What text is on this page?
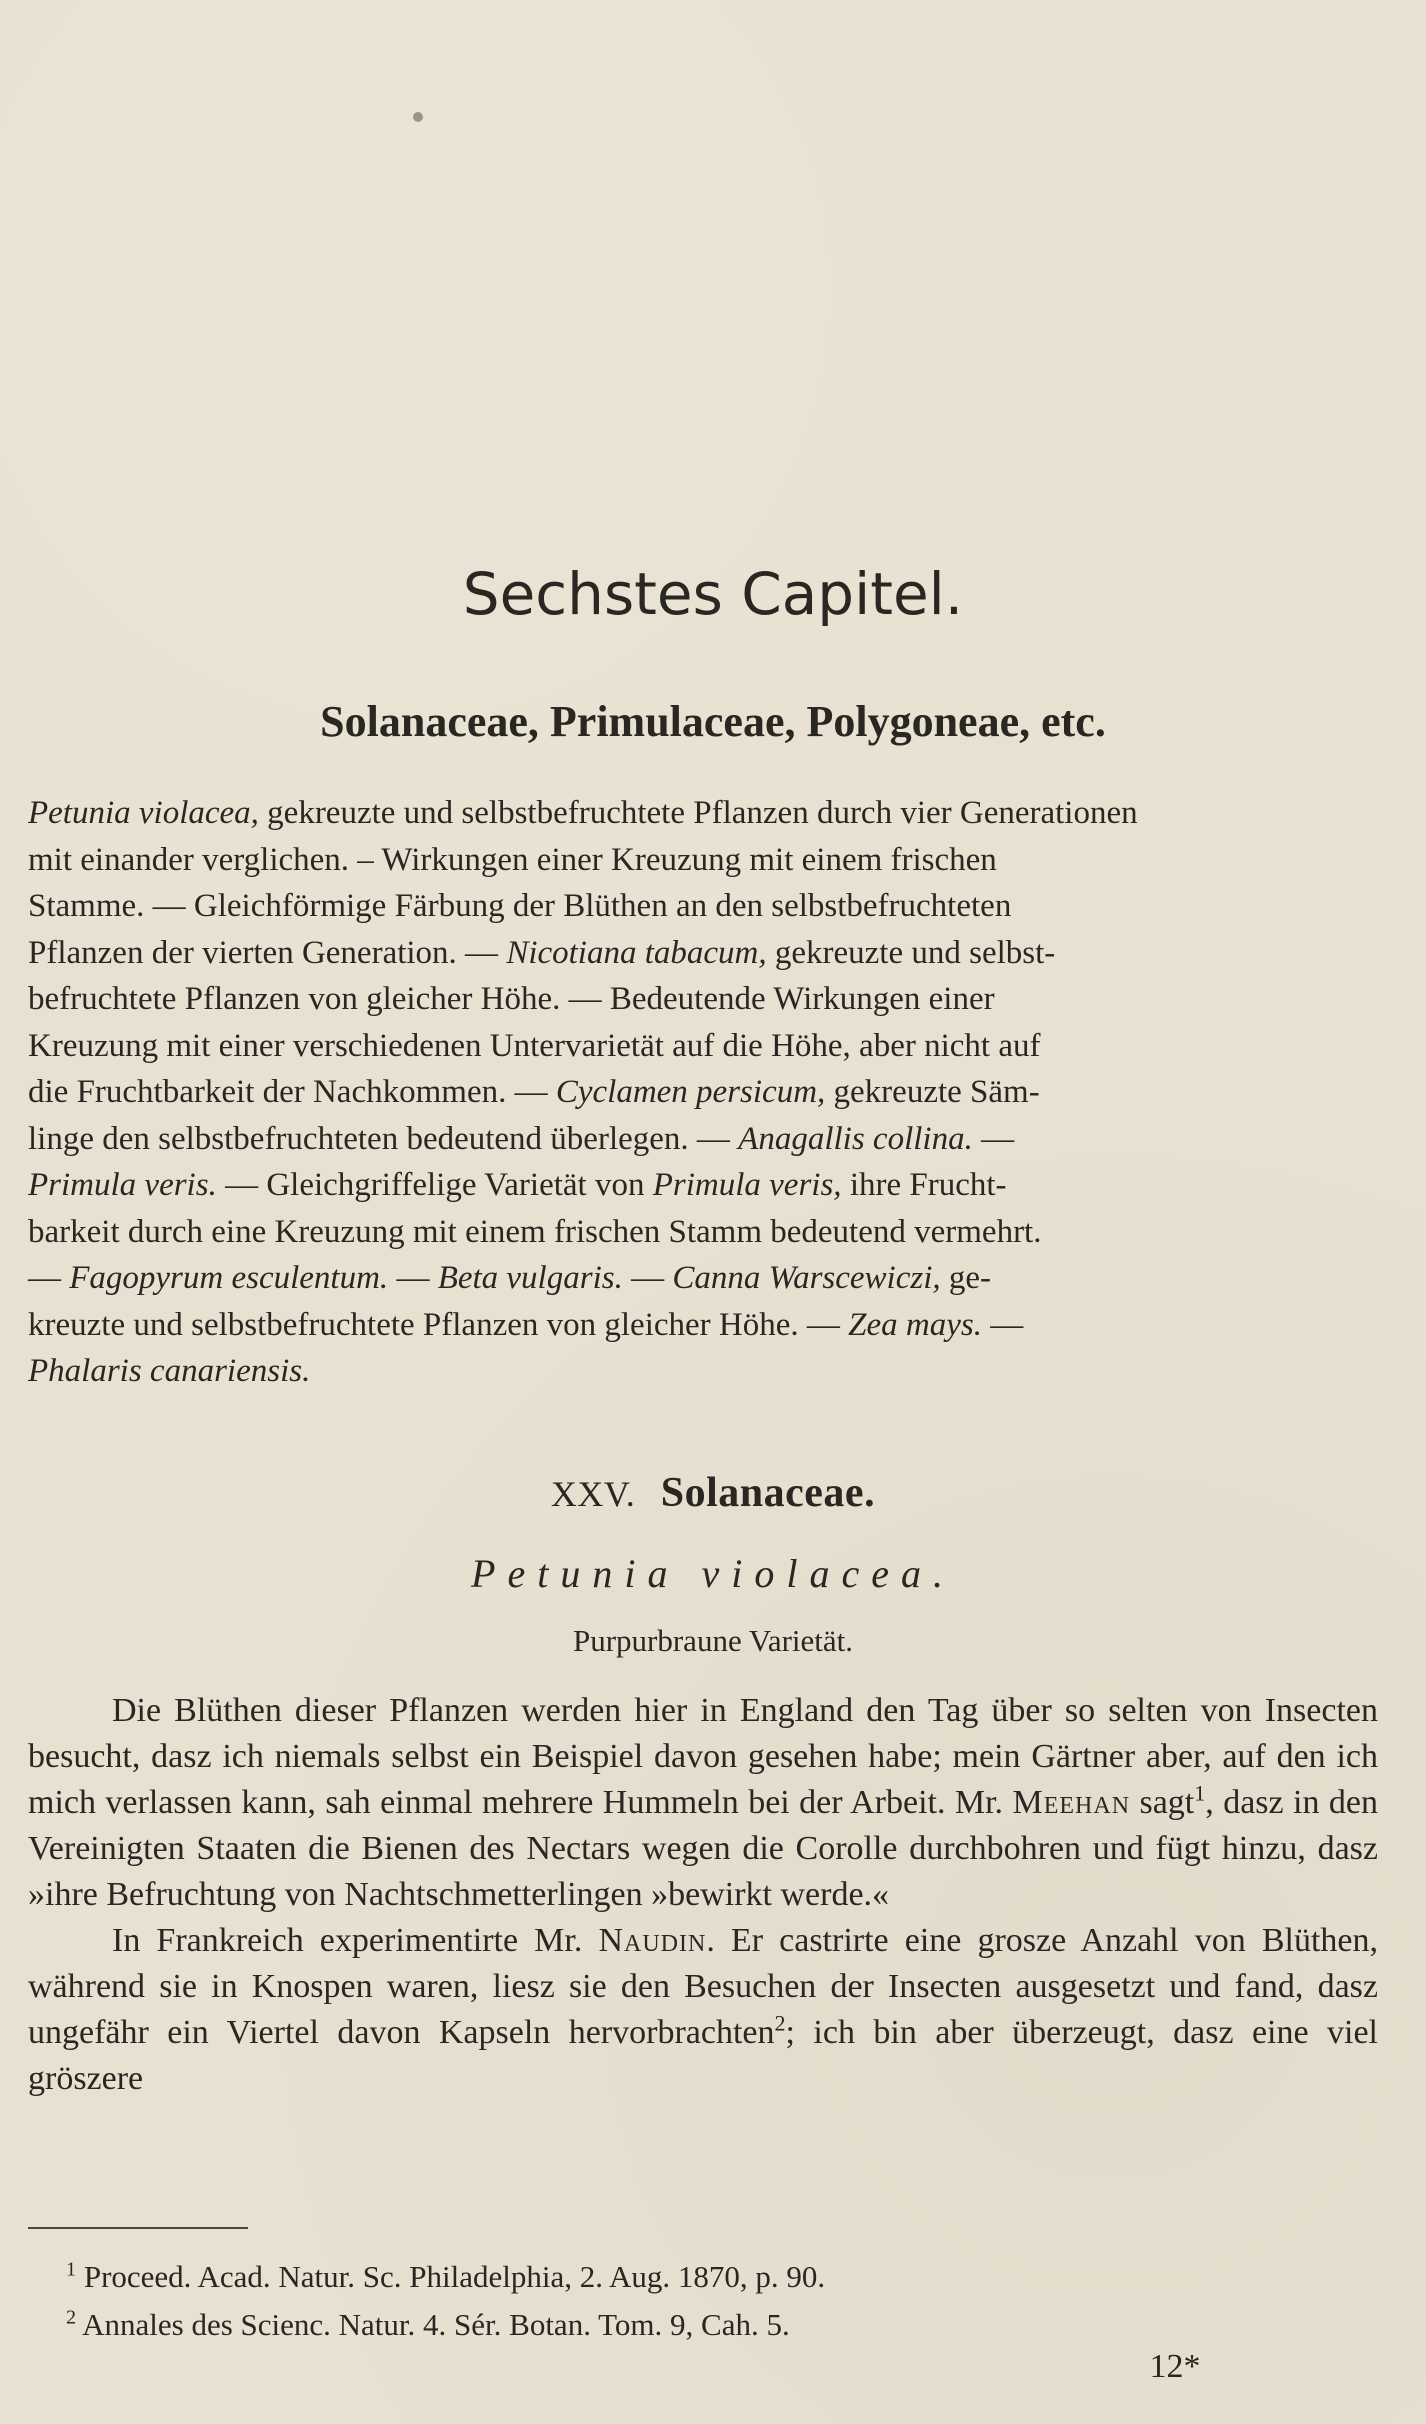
Sechstes Capitel.
Solanaceae, Primulaceae, Polygoneae, etc.
Petunia violacea, gekreuzte und selbstbefruchtete Pflanzen durch vier Generationen
mit einander verglichen. – Wirkungen einer Kreuzung mit einem frischen
Stamme. — Gleichförmige Färbung der Blüthen an den selbstbefruchteten
Pflanzen der vierten Generation. — Nicotiana tabacum, gekreuzte und selbst-
befruchtete Pflanzen von gleicher Höhe. — Bedeutende Wirkungen einer
Kreuzung mit einer verschiedenen Untervarietät auf die Höhe, aber nicht auf
die Fruchtbarkeit der Nachkommen. — Cyclamen persicum, gekreuzte Säm-
linge den selbstbefruchteten bedeutend überlegen. — Anagallis collina. —
Primula veris. — Gleichgriffelige Varietät von Primula veris, ihre Frucht-
barkeit durch eine Kreuzung mit einem frischen Stamm bedeutend vermehrt.
— Fagopyrum esculentum. — Beta vulgaris. — Canna Warscewiczi, ge-
kreuzte und selbstbefruchtete Pflanzen von gleicher Höhe. — Zea mays. —
Phalaris canariensis.
XXV. Solanaceae.
Petunia violacea.
Purpurbraune Varietät.

Die Blüthen dieser Pflanzen werden hier in England den Tag über so selten von Insecten besucht, dasz ich niemals selbst ein Beispiel davon gesehen habe; mein Gärtner aber, auf den ich mich verlassen kann, sah einmal mehrere Hummeln bei der Arbeit. Mr. Meehan sagt$^1$, dasz in den Vereinigten Staaten die Bienen des Nectars wegen die Corolle durchbohren und fügt hinzu, dasz »ihre Befruchtung von Nachtschmetterlingen »bewirkt werde.«

In Frankreich experimentirte Mr. Naudin. Er castrirte eine grosze Anzahl von Blüthen, während sie in Knospen waren, liesz sie den Besuchen der Insecten ausgesetzt und fand, dasz ungefähr ein Viertel davon Kapseln hervorbrachten$^2$; ich bin aber überzeugt, dasz eine viel gröszere

$^1$ Proceed. Acad. Natur. Sc. Philadelphia, 2. Aug. 1870, p. 90.
$^2$ Annales des Scienc. Natur. 4. Sér. Botan. Tom. 9, Cah. 5.
12*
